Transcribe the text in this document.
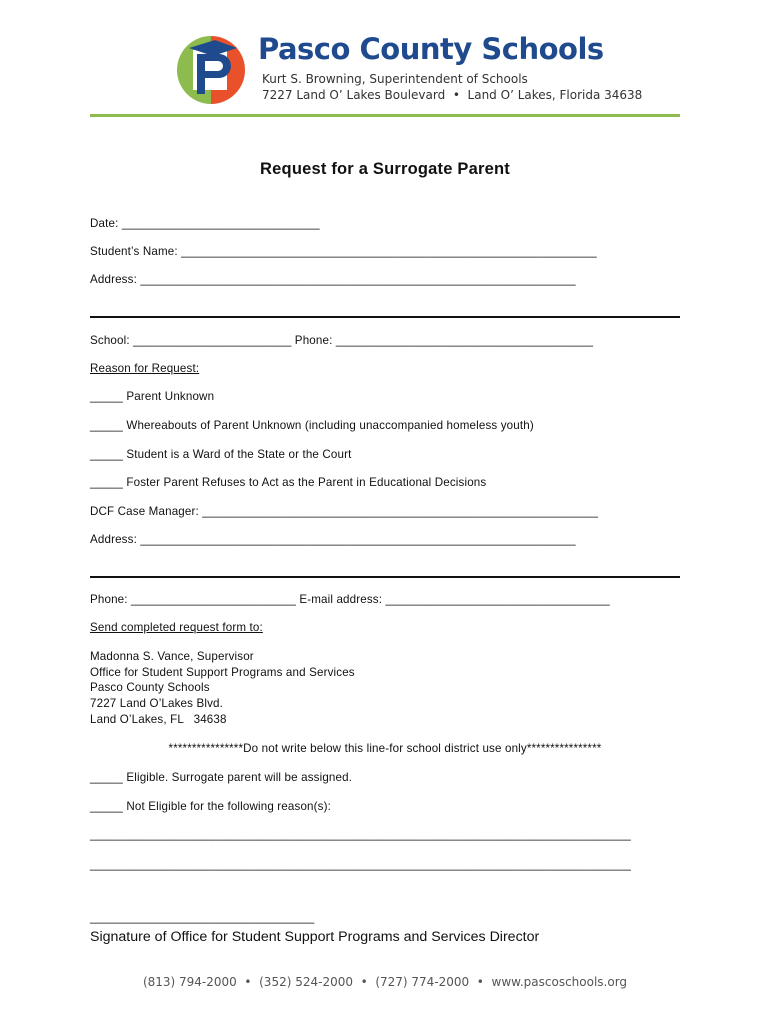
Pasco County Schools
Kurt S. Browning, Superintendent of Schools
7227 Land O’ Lakes Boulevard  •  Land O’ Lakes, Florida 34638
Request for a Surrogate Parent
Date: ______________________________
Student’s Name: _______________________________________________________________
Address: __________________________________________________________________
School: ________________________ Phone: _______________________________________
Reason for Request:
_____ Parent Unknown
_____ Whereabouts of Parent Unknown (including unaccompanied homeless youth)
_____ Student is a Ward of the State or the Court
_____ Foster Parent Refuses to Act as the Parent in Educational Decisions
DCF Case Manager: ____________________________________________________________
Address: __________________________________________________________________
Phone: _________________________ E-mail address: __________________________________
Send completed request form to:
Madonna S. Vance, Supervisor
Office for Student Support Programs and Services
Pasco County Schools
7227 Land O’Lakes Blvd.
Land O’Lakes, FL   34638
****************Do not write below this line-for school district use only****************
_____ Eligible. Surrogate parent will be assigned.
_____ Not Eligible for the following reason(s):
__________________________________________________________________________________
__________________________________________________________________________________
__________________________________
Signature of Office for Student Support Programs and Services Director
(813) 794-2000  •  (352) 524-2000  •  (727) 774-2000  •  www.pascoschools.org
